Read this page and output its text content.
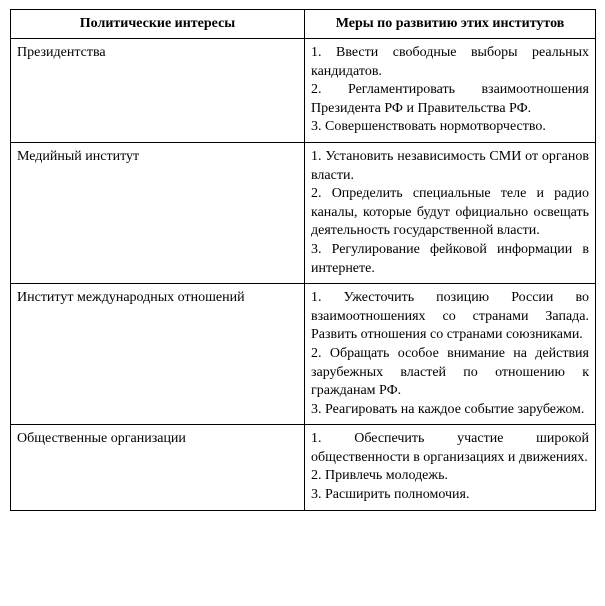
Политические интересы	Меры по развитию этих институтов
Президентства	1. Ввести свободные выборы реальных кандидатов.

2. Регламентировать взаимоотношения Президента РФ и Правительства РФ.

3. Совершенствовать нормотворчество.

Медийный институт	1. Установить независимость СМИ от органов власти.

2. Определить специальные теле и радио каналы, которые будут официально освещать деятельность государственной власти.

3. Регулирование фейковой информации в интернете.

Институт международных отношений	1. Ужесточить позицию России во взаимоотношениях со странами Запада. Развить отношения со странами союзниками.

2. Обращать особое внимание на действия зарубежных властей по отношению к гражданам РФ.

3. Реагировать на каждое событие зарубежом.

Общественные организации	1. Обеспечить участие широкой общественности в организациях и движениях.

2. Привлечь молодежь.

3. Расширить полномочия.
